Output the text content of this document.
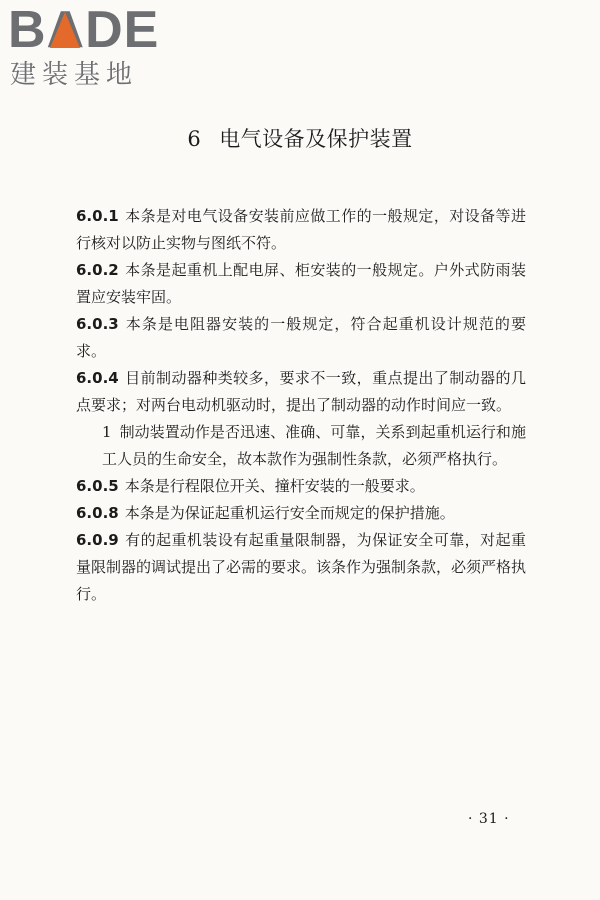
BADE
建装基地
6 电气设备及保护装置

6.0.1 本条是对电气设备安装前应做工作的一般规定，对设备等进行核对以防止实物与图纸不符。

6.0.2 本条是起重机上配电屏、柜安装的一般规定。户外式防雨装置应安装牢固。

6.0.3 本条是电阻器安装的一般规定，符合起重机设计规范的要求。

6.0.4 目前制动器种类较多，要求不一致，重点提出了制动器的几点要求；对两台电动机驱动时，提出了制动器的动作时间应一致。

1 制动装置动作是否迅速、准确、可靠，关系到起重机运行和施工人员的生命安全，故本款作为强制性条款，必须严格执行。

6.0.5 本条是行程限位开关、撞杆安装的一般要求。

6.0.8 本条是为保证起重机运行安全而规定的保护措施。

6.0.9 有的起重机装设有起重量限制器，为保证安全可靠，对起重量限制器的调试提出了必需的要求。该条作为强制条款，必须严格执行。

· 31 ·
